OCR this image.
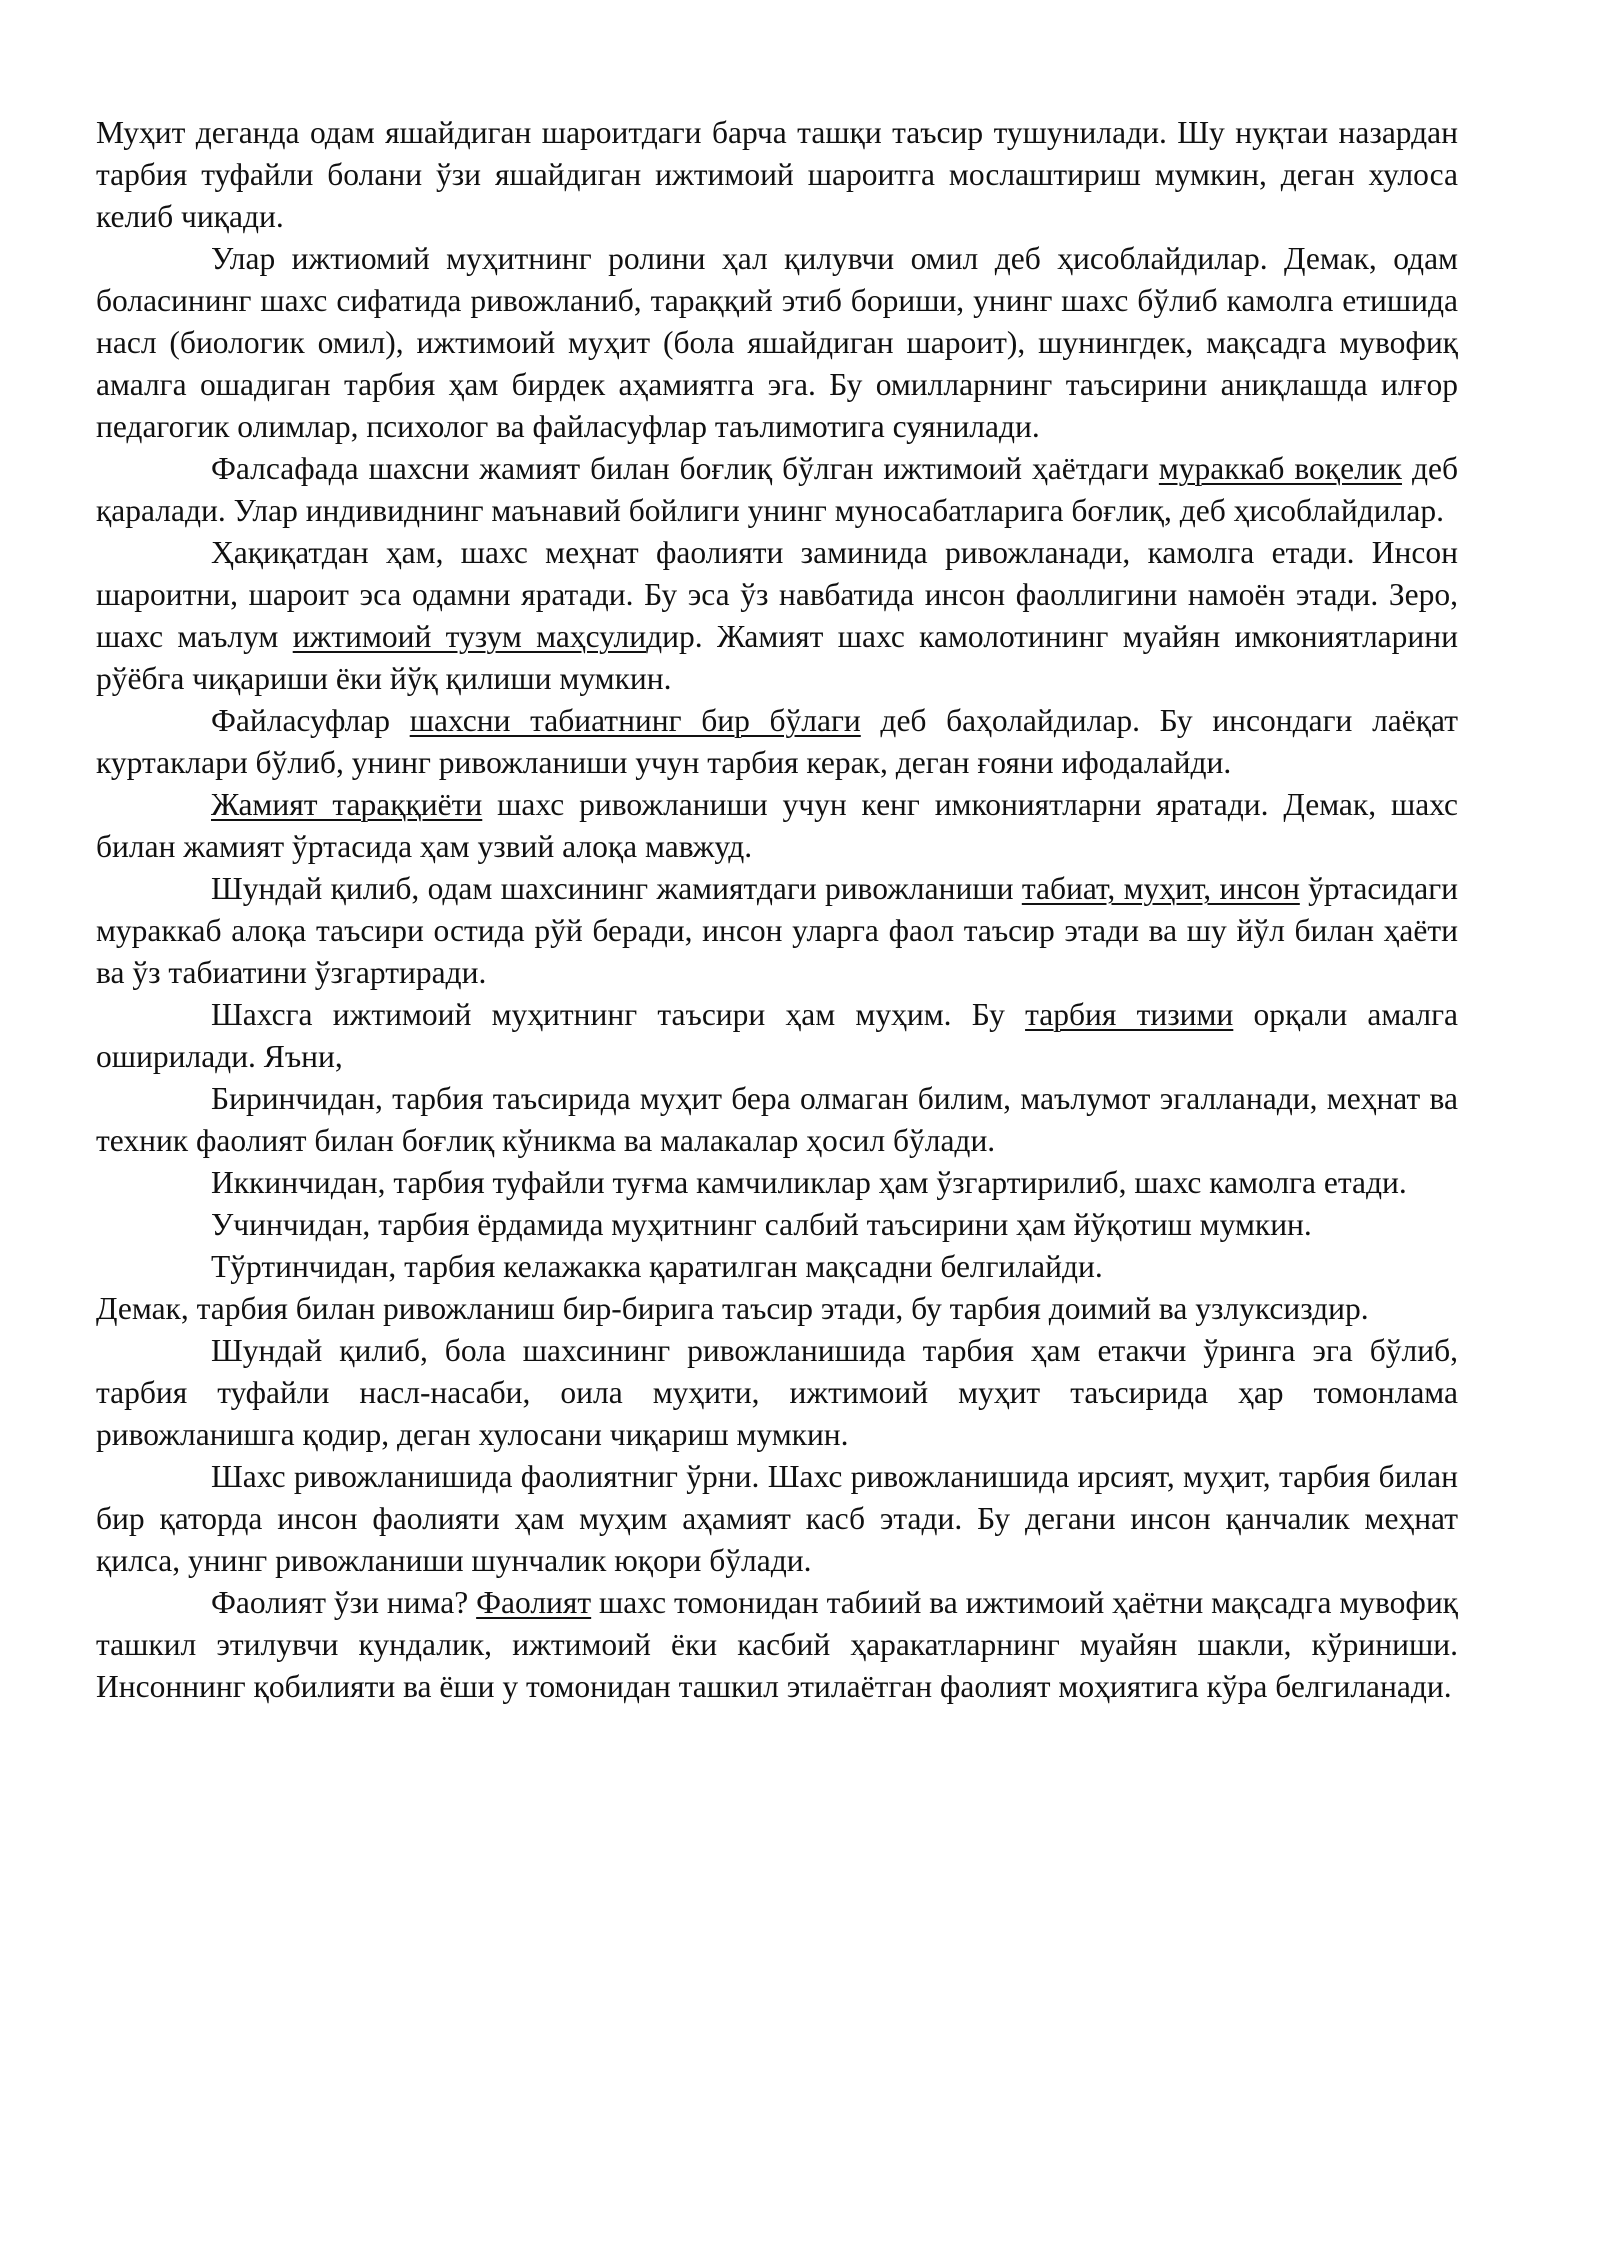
Муҳит деганда одам яшайдиган шароитдаги барча ташқи таъсир тушунилади. Шу нуқтаи назардан тарбия туфайли болани ўзи яшайдиган ижтимоий шароитга мослаштириш мумкин, деган хулоса келиб чиқади.

Улар ижтиомий муҳитнинг ролини ҳал қилувчи омил деб ҳисоблайдилар. Демак, одам боласининг шахс сифатида ривожланиб, тараққий этиб бориши, унинг шахс бўлиб камолга етишида насл (биологик омил), ижтимоий муҳит (бола яшайдиган шароит), шунингдек, мақсадга мувофиқ амалга ошадиган тарбия ҳам бирдек аҳамиятга эга. Бу омилларнинг таъсирини аниқлашда илғор педагогик олимлар, психолог ва файласуфлар таълимотига суянилади.

Фалсафада шахсни жамият билан боғлиқ бўлган ижтимоий ҳаётдаги мураккаб воқелик деб қаралади. Улар индивиднинг маънавий бойлиги унинг муносабатларига боғлиқ, деб ҳисоблайдилар.

Ҳақиқатдан ҳам, шахс меҳнат фаолияти заминида ривожланади, камолга етади. Инсон шароитни, шароит эса одамни яратади. Бу эса ўз навбатида инсон фаоллигини намоён этади. Зеро, шахс маълум ижтимоий тузум маҳсулидир. Жамият шахс камолотининг муайян имкониятларини рўёбга чиқариши ёки йўқ қилиши мумкин.

Файласуфлар шахсни табиатнинг бир бўлаги деб баҳолайдилар. Бу инсондаги лаёқат куртаклари бўлиб, унинг ривожланиши учун тарбия керак, деган ғояни ифодалайди.

Жамият тараққиёти шахс ривожланиши учун кенг имкониятларни яратади. Демак, шахс билан жамият ўртасида ҳам узвий алоқа мавжуд.

Шундай қилиб, одам шахсининг жамиятдаги ривожланиши табиат, муҳит, инсон ўртасидаги мураккаб алоқа таъсири остида рўй беради, инсон уларга фаол таъсир этади ва шу йўл билан ҳаёти ва ўз табиатини ўзгартиради.

Шахсга ижтимоий муҳитнинг таъсири ҳам муҳим. Бу тарбия тизими орқали амалга оширилади. Яъни,

Биринчидан, тарбия таъсирида муҳит бера олмаган билим, маълумот эгалланади, меҳнат ва техник фаолият билан боғлиқ кўникма ва малакалар ҳосил бўлади.

Иккинчидан, тарбия туфайли туғма камчиликлар ҳам ўзгартирилиб, шахс камолга етади.

Учинчидан, тарбия ёрдамида муҳитнинг салбий таъсирини ҳам йўқотиш мумкин.

Тўртинчидан, тарбия келажакка қаратилган мақсадни белгилайди.

Демак, тарбия билан ривожланиш бир-бирига таъсир этади, бу тарбия доимий ва узлуксиздир.

Шундай қилиб, бола шахсининг ривожланишида тарбия ҳам етакчи ўринга эга бўлиб, тарбия туфайли насл-насаби, оила муҳити, ижтимоий муҳит таъсирида ҳар томонлама ривожланишга қодир, деган хулосани чиқариш мумкин.

Шахс ривожланишида фаолиятниг ўрни. Шахс ривожланишида ирсият, муҳит, тарбия билан бир қаторда инсон фаолияти ҳам муҳим аҳамият касб этади. Бу дегани инсон қанчалик меҳнат қилса, унинг ривожланиши шунчалик юқори бўлади.

Фаолият ўзи нима? Фаолият шахс томонидан табиий ва ижтимоий ҳаётни мақсадга мувофиқ ташкил этилувчи кундалик, ижтимоий ёки касбий ҳаракатларнинг муайян шакли, кўриниши. Инсоннинг қобилияти ва ёши у томонидан ташкил этилаётган фаолият моҳиятига кўра белгиланади.
